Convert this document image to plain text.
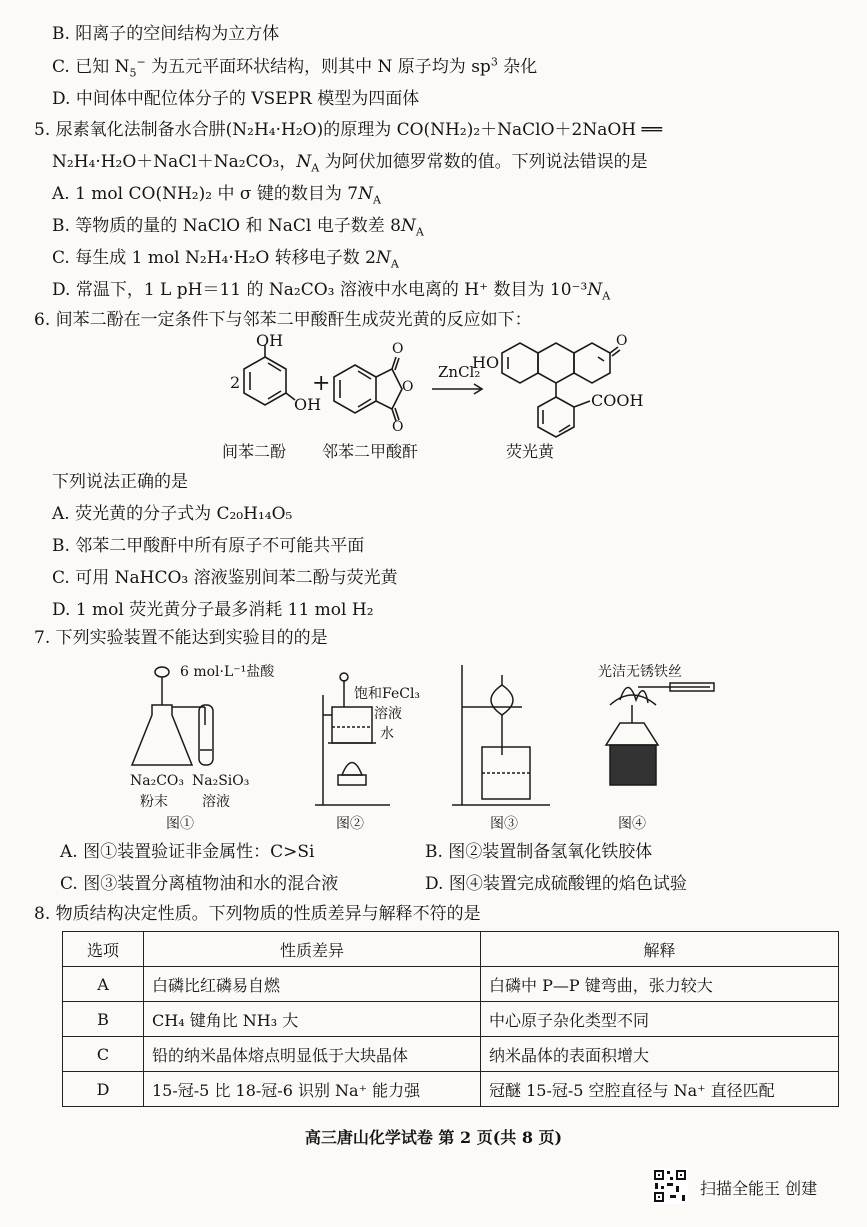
B. 阳离子的空间结构为立方体
C. 已知 $N_5^-$ 为五元平面环状结构，则其中 N 原子均为 $sp^3$ 杂化
D. 中间体中配位体分子的 VSEPR 模型为四面体
5. 尿素氧化法制备水合肼(N₂H₄·H₂O)的原理为 CO(NH₂)₂＋NaClO＋2NaOH ══
N₂H₄·H₂O＋NaCl＋Na₂CO₃，$N_A$ 为阿伏加德罗常数的值。下列说法错误的是
A. 1 mol CO(NH₂)₂ 中 σ 键的数目为 $7N_A$
B. 等物质的量的 NaClO 和 NaCl 电子数差 $8N_A$
C. 每生成 1 mol N₂H₄·H₂O 转移电子数 $2N_A$
D. 常温下，1 L pH＝11 的 Na₂CO₃ 溶液中水电离的 H⁺ 数目为 $10^{-3}N_A$
6. 间苯二酚在一定条件下与邻苯二甲酸酐生成荧光黄的反应如下：
OH
2
OH
+
O
O
O
ZnCl₂
HO
O
COOH
间苯二酚 邻苯二甲酸酐	荧光黄
下列说法正确的是
A. 荧光黄的分子式为 C₂₀H₁₄O₅
B. 邻苯二甲酸酐中所有原子不可能共平面
C. 可用 NaHCO₃ 溶液鉴别间苯二酚与荧光黄
D. 1 mol 荧光黄分子最多消耗 11 mol H₂
7. 下列实验装置不能达到实验目的的是
6 mol·L⁻¹盐酸
Na₂CO₃
粉末
Na₂SiO₃
溶液
饱和FeCl₃
溶液
水
光洁无锈铁丝
图①	图②	图③	图④
A. 图①装置验证非金属性：C>Si	B. 图②装置制备氢氧化铁胶体
C. 图③装置分离植物油和水的混合液	D. 图④装置完成硫酸锂的焰色试验
8. 物质结构决定性质。下列物质的性质差异与解释不符的是
选项	性质差异	解释
A	白磷比红磷易自燃	白磷中 P—P 键弯曲，张力较大
B	CH₄ 键角比 NH₃ 大	中心原子杂化类型不同
C	铅的纳米晶体熔点明显低于大块晶体	纳米晶体的表面积增大
D	15-冠-5 比 18-冠-6 识别 Na⁺ 能力强	冠醚 15-冠-5 空腔直径与 Na⁺ 直径匹配
高三唐山化学试卷 第 2 页(共 8 页)
扫描全能王 创建
